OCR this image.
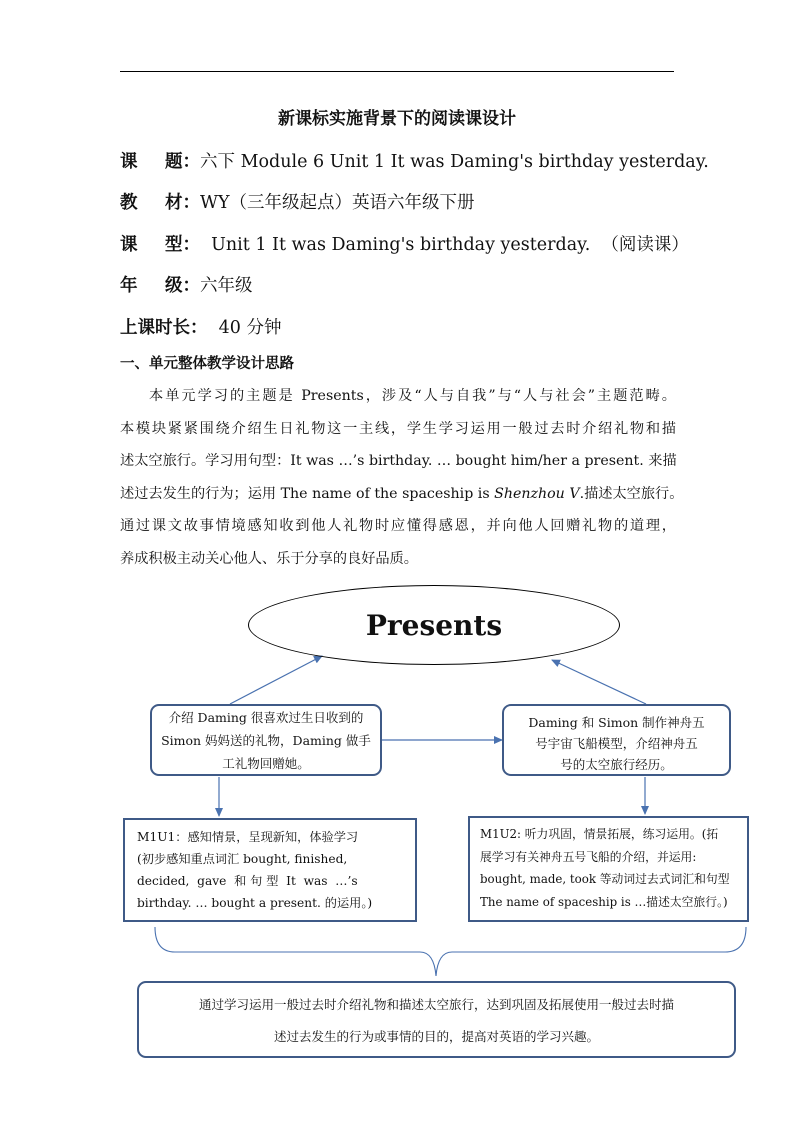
新课标实施背景下的阅读课设计
课 题： 六下 Module 6 Unit 1 It was Daming's birthday yesterday.
教 材： WY（三年级起点）英语六年级下册
课 型： Unit 1 It was Daming's birthday yesterday.  （阅读课）
年 级： 六年级
上课时长：  40 分钟
一、单元整体教学设计思路
本单元学习的主题是 Presents，涉及“人与自我”与“人与社会”主题范畴。
本模块紧紧围绕介绍生日礼物这一主线，学生学习运用一般过去时介绍礼物和描
述太空旅行。学习用句型：It was …’s birthday. … bought him/her a present. 来描
述过去发生的行为；运用 The name of the spaceship is Shenzhou V.描述太空旅行。
通过课文故事情境感知收到他人礼物时应懂得感恩，并向他人回赠礼物的道理，
养成积极主动关心他人、乐于分享的良好品质。
Presents
介绍 Daming 很喜欢过生日收到的
Simon 妈妈送的礼物，Daming 做手
工礼物回赠她。
Daming 和 Simon 制作神舟五
号宇宙飞船模型，介绍神舟五
号的太空旅行经历。
M1U1：感知情景，呈现新知，体验学习
(初步感知重点词汇 bought, finished,
decided,  gave  和 句 型  It  was  …’s
birthday. … bought a present. 的运用。)
M1U2: 听力巩固，情景拓展，练习运用。(拓
展学习有关神舟五号飞船的介绍，并运用:
bought, made, took 等动词过去式词汇和句型
The name of spaceship is …描述太空旅行。)
通过学习运用一般过去时介绍礼物和描述太空旅行，达到巩固及拓展使用一般过去时描
述过去发生的行为或事情的目的，提高对英语的学习兴趣。
